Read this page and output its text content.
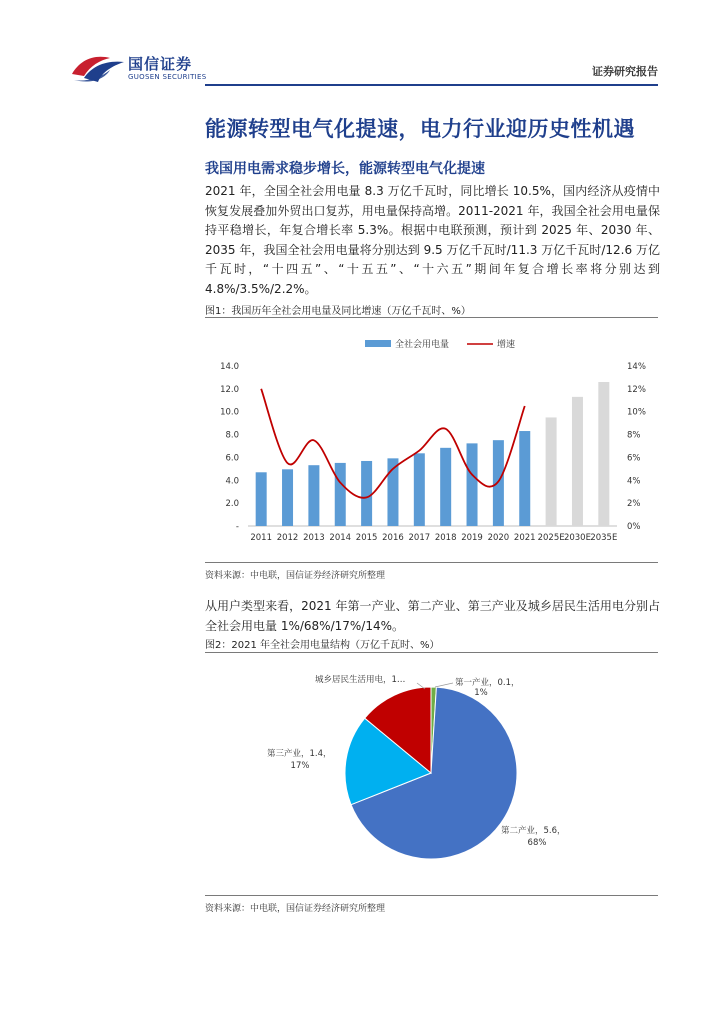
国信证券
GUOSEN SECURITIES	证券研究报告
能源转型电气化提速，电力行业迎历史性机遇
我国用电需求稳步增长，能源转型电气化提速

2021 年，全国全社会用电量 8.3 万亿千瓦时，同比增长 10.5%，国内经济从疫情中恢复发展叠加外贸出口复苏，用电量保持高增。2011-2021 年，我国全社会用电量保持平稳增长，年复合增长率 5.3%。根据中电联预测，预计到 2025 年、2030 年、2035 年，我国全社会用电量将分别达到 9.5 万亿千瓦时/11.3 万亿千瓦时/12.6 万亿千瓦时，“十四五”、“十五五”、“十六五”期间年复合增长率将分别达到 4.8%/3.5%/2.2%。

图1：我国历年全社会用电量及同比增速（万亿千瓦时、%）
全社会用电量	增速
-
2.0
4.0
6.0
8.0
10.0
12.0
14.0
0%
2%
4%
6%
8%
10%
12%
14%
2011 2012 2013 2014 2015 2016 2017 2018 2019 2020 2021 2025E 2030E 2035E
资料来源：中电联，国信证券经济研究所整理

从用户类型来看，2021 年第一产业、第二产业、第三产业及城乡居民生活用电分别占全社会用电量 1%/68%/17%/14%。

图2：2021 年全社会用电量结构（万亿千瓦时、%）
第一产业，0.1，
1%
第二产业，5.6，
68%
第三产业，1.4，
17%
城乡居民生活用电，1…
资料来源：中电联，国信证券经济研究所整理
